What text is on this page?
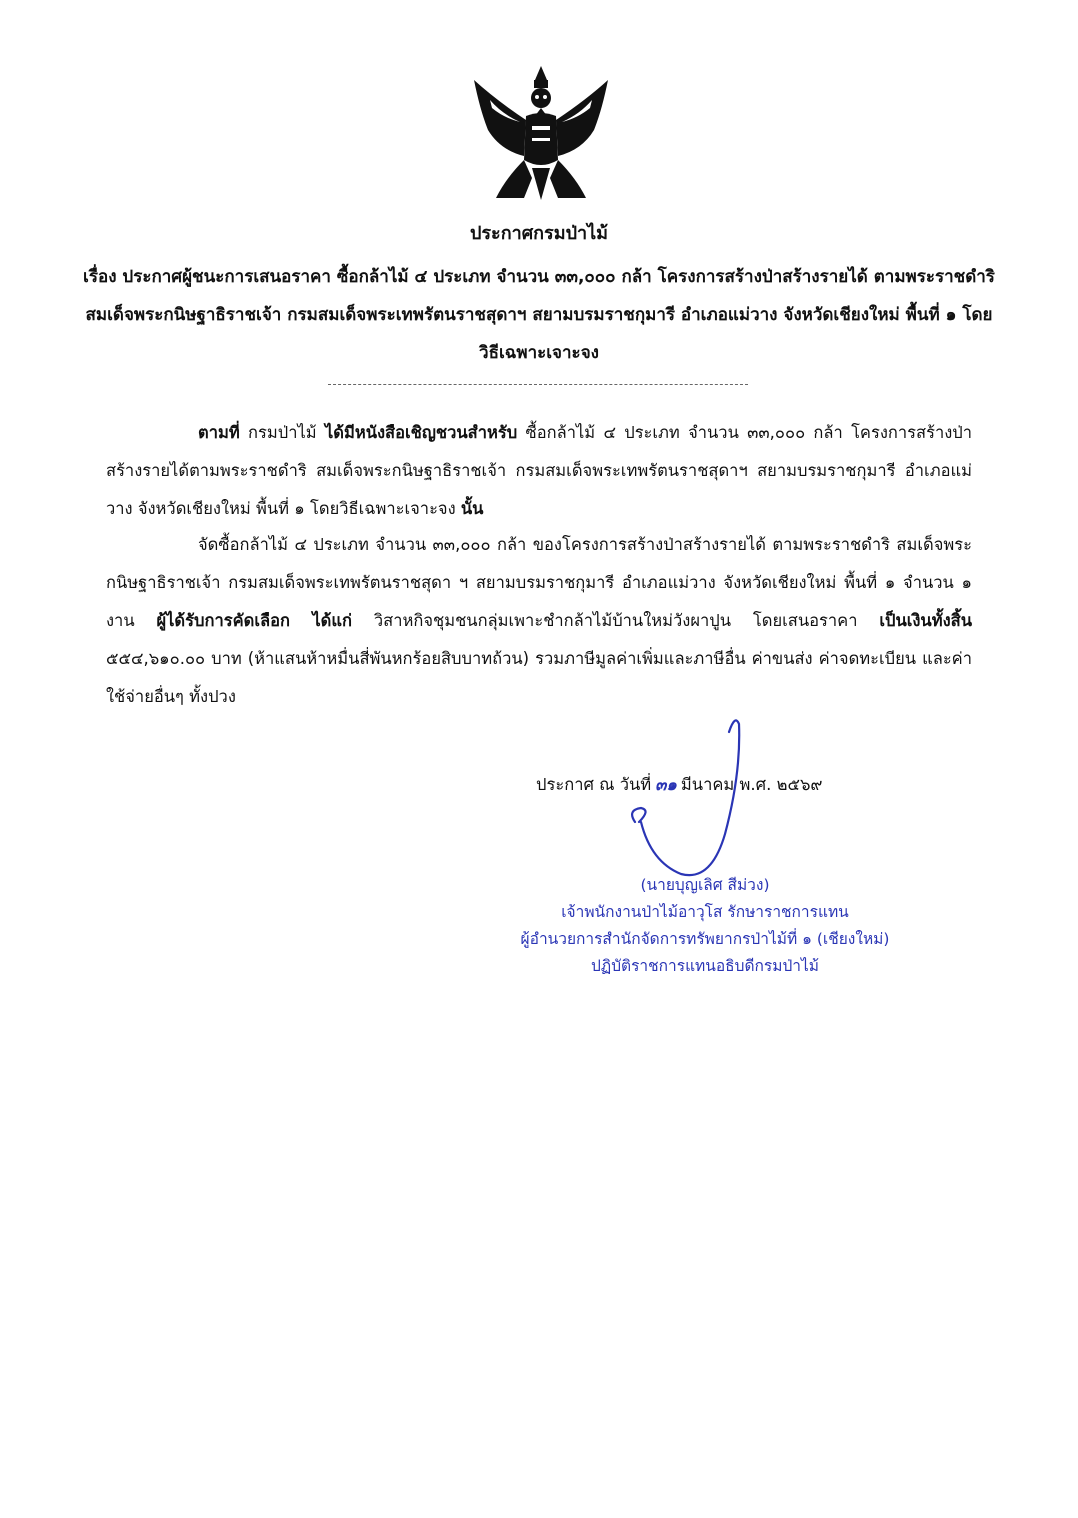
ประกาศกรมป่าไม้
เรื่อง ประกาศผู้ชนะการเสนอราคา ซื้อกล้าไม้ ๔ ประเภท จำนวน ๓๓,๐๐๐ กล้า โครงการสร้างป่าสร้างรายได้ ตามพระราชดำริ สมเด็จพระกนิษฐาธิราชเจ้า กรมสมเด็จพระเทพรัตนราชสุดาฯ สยามบรมราชกุมารี อำเภอแม่วาง จังหวัดเชียงใหม่ พื้นที่ ๑ โดยวิธีเฉพาะเจาะจง
ตามที่ กรมป่าไม้ ได้มีหนังสือเชิญชวนสำหรับ ซื้อกล้าไม้ ๔ ประเภท จำนวน ๓๓,๐๐๐ กล้า โครงการสร้างป่าสร้างรายได้ตามพระราชดำริ สมเด็จพระกนิษฐาธิราชเจ้า กรมสมเด็จพระเทพรัตนราชสุดาฯ สยามบรมราชกุมารี อำเภอแม่วาง จังหวัดเชียงใหม่ พื้นที่ ๑ โดยวิธีเฉพาะเจาะจง นั้น
จัดซื้อกล้าไม้ ๔ ประเภท จำนวน ๓๓,๐๐๐ กล้า ของโครงการสร้างป่าสร้างรายได้ ตามพระราชดำริ สมเด็จพระกนิษฐาธิราชเจ้า กรมสมเด็จพระเทพรัตนราชสุดา ฯ สยามบรมราชกุมารี อำเภอแม่วาง จังหวัดเชียงใหม่ พื้นที่ ๑ จำนวน ๑ งาน ผู้ได้รับการคัดเลือก ได้แก่ วิสาหกิจชุมชนกลุ่มเพาะชำกล้าไม้บ้านใหม่วังผาปูน โดยเสนอราคา เป็นเงินทั้งสิ้น ๕๕๔,๖๑๐.๐๐ บาท (ห้าแสนห้าหมื่นสี่พันหกร้อยสิบบาทถ้วน) รวมภาษีมูลค่าเพิ่มและภาษีอื่น ค่าขนส่ง ค่าจดทะเบียน และค่าใช้จ่ายอื่นๆ ทั้งปวง
ประกาศ ณ วันที่ ๓๑ มีนาคม พ.ศ. ๒๕๖๙
(นายบุญเลิศ สีม่วง)
เจ้าพนักงานป่าไม้อาวุโส รักษาราชการแทน
ผู้อำนวยการสำนักจัดการทรัพยากรป่าไม้ที่ ๑ (เชียงใหม่)
ปฏิบัติราชการแทนอธิบดีกรมป่าไม้
